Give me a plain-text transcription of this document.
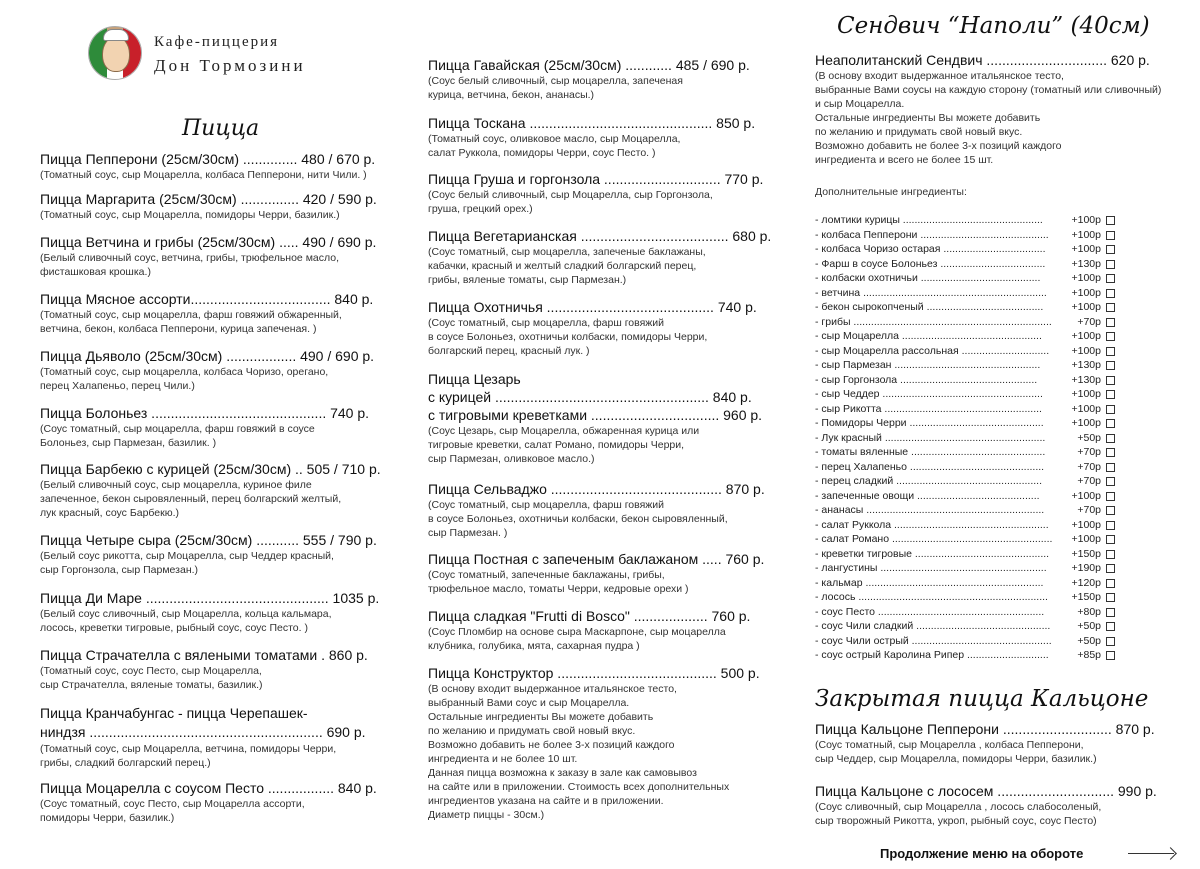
Кафе-пиццерия
Дон Тормозини
Пицца
Пицца Пепперони (25см/30см) .............. 480 / 670 р.
(Томатный соус, сыр Моцарелла, колбаса Пепперони, нити Чили. )
Пицца Маргарита (25см/30см) ............... 420 / 590 р.
(Томатный соус, сыр Моцарелла, помидоры Черри, базилик.)
Пицца Ветчина и грибы (25см/30см) ..... 490 / 690 р.
(Белый сливочный соус, ветчина, грибы, трюфельное масло,
фисташковая крошка.)
Пицца Мясное ассорти.................................... 840 р.
(Томатный соус, сыр моцарелла, фарш говяжий обжаренный,
ветчина, бекон, колбаса Пепперони, курица запеченая. )
Пицца Дьяволо (25см/30см) .................. 490 / 690 р.
(Томатный соус, сыр моцарелла, колбаса Чоризо, орегано,
перец Халапеньо, перец Чили.)
Пицца Болоньез ............................................. 740 р.
(Соус томатный, сыр моцарелла, фарш говяжий в соусе
Болоньез, сыр Пармезан, базилик. )
Пицца Барбекю с курицей (25см/30см) .. 505 / 710 р.
(Белый сливочный соус, сыр моцарелла, куриное филе
запеченное, бекон сыровяленный, перец болгарский желтый,
лук красный, соус Барбекю.)
Пицца Четыре сыра (25см/30см) ........... 555 / 790 р.
(Белый соус рикотта, сыр Моцарелла, сыр Чеддер красный,
сыр Горгонзола, сыр Пармезан.)
Пицца Ди Маре ............................................... 1035 р.
(Белый соус сливочный, сыр Моцарелла, кольца кальмара,
лосось, креветки тигровые, рыбный соус, соус Песто. )
Пицца Страчателла с вялеными томатами . 860 р.
(Томатный соус, соус Песто, сыр Моцарелла,
сыр Страчателла, вяленые томаты, базилик.)
Пицца Кранчабунгас - пицца Черепашек-
ниндзя ............................................................ 690 р.
(Томатный соус, сыр Моцарелла, ветчина, помидоры Черри,
грибы, сладкий болгарский перец.)
Пицца Моцарелла с соусом Песто ................. 840 р.
(Соус томатный, соус Песто, сыр Моцарелла ассорти,
помидоры Черри, базилик.)
Пицца Гавайская (25см/30см) ............ 485 / 690 р.
(Соус белый сливочный, сыр моцарелла, запеченая
курица, ветчина, бекон, ананасы.)
Пицца Тоскана ............................................... 850 р.
(Томатный соус, оливковое масло, сыр Моцарелла,
салат Руккола, помидоры Черри, соус Песто. )
Пицца Груша и горгонзола .............................. 770 р.
(Соус белый сливочный, сыр Моцарелла, сыр Горгонзола,
груша, грецкий орех.)
Пицца Вегетарианская ...................................... 680 р.
(Соус томатный, сыр моцарелла, запеченые баклажаны,
кабачки, красный и желтый сладкий болгарский перец,
грибы, вяленые томаты, сыр Пармезан.)
Пицца Охотничья ........................................... 740 р.
(Соус томатный, сыр моцарелла, фарш говяжий
в соусе Болоньез, охотничьи колбаски, помидоры Черри,
болгарский перец, красный лук. )
Пицца Цезарь
с курицей ....................................................... 840 р.
с тигровыми креветками ................................. 960 р.
(Соус Цезарь, сыр Моцарелла, обжаренная курица или
тигровые креветки, салат Романо, помидоры Черри,
сыр Пармезан, оливковое масло.)
Пицца Сельваджо ............................................ 870 р.
(Соус томатный, сыр моцарелла, фарш говяжий
в соусе Болоньез, охотничьи колбаски, бекон сыровяленный,
сыр Пармезан. )
Пицца Постная с запеченым баклажаном ..... 760 р.
(Соус томатный, запеченные баклажаны, грибы,
трюфельное масло, томаты Черри, кедровые орехи )
Пицца сладкая "Frutti di Bosco" ................... 760 р.
(Соус Пломбир на основе сыра Маскарпоне, сыр моцарелла
клубника, голубика, мята, сахарная пудра )
Пицца Конструктор ......................................... 500 р.
(В основу входит выдержанное итальянское тесто,
выбранный Вами соус и сыр Моцарелла.
Остальные ингредиенты Вы можете добавить
по желанию и придумать свой новый вкус.
Возможно добавить не более 3-х позиций каждого
ингредиента и не более 10 шт.
Данная пицца возможна к заказу в зале как самовывоз
на сайте или в приложении. Стоимость всех дополнительных
ингредиентов указана на сайте и в приложении.
Диаметр пиццы - 30см.)
Сендвич “Наполи” (40см)
Неаполитанский Сендвич ............................... 620 р.
(В основу входит выдержанное итальянское тесто,
выбранные Вами соусы на каждую сторону (томатный или сливочный)
и сыр Моцарелла.
Остальные ингредиенты Вы можете добавить
по желанию и придумать свой новый вкус.
Возможно добавить не более 3-х позиций каждого
ингредиента и всего не более 15 шт.
Дополнительные ингредиенты:
- ломтики курицы ................................................	+100р
- колбаса Пепперони ............................................ +100р
- колбаса Чоризо остарая ................................... +100р
- Фарш в соусе Болоньез .................................... +130р
- колбаски охотничьи .........................................	+100р
- ветчина ............................................................... +100р
- бекон сырокопченый ........................................	+100р
- грибы .................................................................... +70р
- сыр Моцарелла ................................................	+100р
- сыр Моцарелла рассольная .............................. +100р
- сыр Пармезан ..................................................	+130р
- сыр Горгонзола ...............................................	+130р
- сыр Чеддер .......................................................	+100р
- сыр Рикотта ......................................................	+100р
- Помидоры Черри ..............................................	+100р
- Лук красный .......................................................	+50р
- томаты вяленные ..............................................	+70р
- перец Халапеньо ..............................................	+70р
- перец сладкий ..................................................	+70р
- запеченные овощи ..........................................	+100р
- ананасы .............................................................	+70р
- салат Руккола ..................................................... +100р
- салат Романо ....................................................... +100р
- креветки тигровые .............................................. +150р
- лангустины ......................................................... +190р
- кальмар .............................................................	+120р
- лосось ................................................................. +150р
- соус Песто .........................................................	+80р
- соус Чили сладкий ..............................................	+50р
- соус Чили острый ................................................ +50р
- соус острый Каролина Рипер ............................	+85р
Закрытая пицца Кальцоне
Пицца Кальцоне Пепперони ............................ 870 р.
(Соус томатный, сыр Моцарелла , колбаса Пепперони,
сыр Чеддер, сыр Моцарелла, помидоры Черри, базилик.)
Пицца Кальцоне с лососем .............................. 990 р.
(Соус сливочный, сыр Моцарелла , лосось слабосоленый,
сыр творожный Рикотта, укроп, рыбный соус, соус Песто)
Продолжение меню на обороте
